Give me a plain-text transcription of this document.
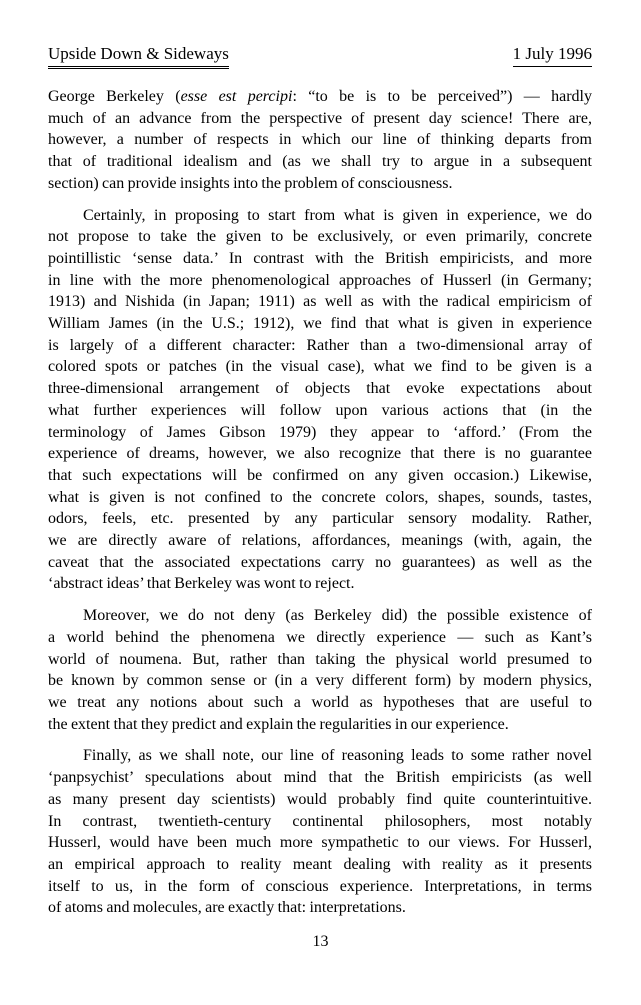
Upside Down & Sideways	1 July 1996
George Berkeley (esse est percipi: “to be is to be perceived”) — hardly
much of an advance from the perspective of present day science! There are,
however, a number of respects in which our line of thinking departs from
that of traditional idealism and (as we shall try to argue in a subsequent
section) can provide insights into the problem of consciousness.
Certainly, in proposing to start from what is given in experience, we do
not propose to take the given to be exclusively, or even primarily, concrete
pointillistic ‘sense data.’ In contrast with the British empiricists, and more
in line with the more phenomenological approaches of Husserl (in Germany;
1913) and Nishida (in Japan; 1911) as well as with the radical empiricism of
William James (in the U.S.; 1912), we find that what is given in experience
is largely of a different character: Rather than a two-dimensional array of
colored spots or patches (in the visual case), what we find to be given is a
three-dimensional arrangement of objects that evoke expectations about
what further experiences will follow upon various actions that (in the
terminology of James Gibson 1979) they appear to ‘afford.’ (From the
experience of dreams, however, we also recognize that there is no guarantee
that such expectations will be confirmed on any given occasion.) Likewise,
what is given is not confined to the concrete colors, shapes, sounds, tastes,
odors, feels, etc. presented by any particular sensory modality. Rather,
we are directly aware of relations, affordances, meanings (with, again, the
caveat that the associated expectations carry no guarantees) as well as the
‘abstract ideas’ that Berkeley was wont to reject.
Moreover, we do not deny (as Berkeley did) the possible existence of
a world behind the phenomena we directly experience — such as Kant’s
world of noumena. But, rather than taking the physical world presumed to
be known by common sense or (in a very different form) by modern physics,
we treat any notions about such a world as hypotheses that are useful to
the extent that they predict and explain the regularities in our experience.
Finally, as we shall note, our line of reasoning leads to some rather novel
‘panpsychist’ speculations about mind that the British empiricists (as well
as many present day scientists) would probably find quite counterintuitive.
In contrast, twentieth-century continental philosophers, most notably
Husserl, would have been much more sympathetic to our views. For Husserl,
an empirical approach to reality meant dealing with reality as it presents
itself to us, in the form of conscious experience. Interpretations, in terms
of atoms and molecules, are exactly that: interpretations.
13
